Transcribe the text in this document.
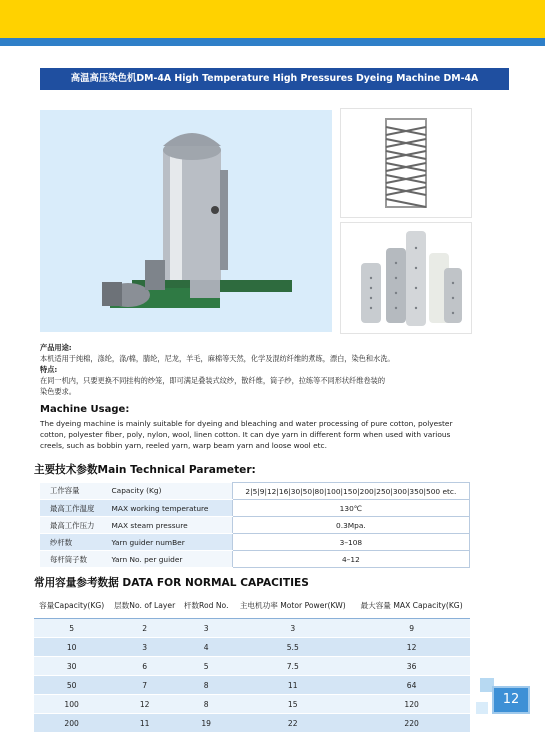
高温高压染色机DM-4A High Temperature High Pressures Dyeing Machine DM-4A
产品用途:
本机适用于纯棉，涤纶，涤/棉，腈纶，尼龙，羊毛，麻棉等天然，化学及混纺纤维的煮练，漂白，染色和水洗。
特点:
在同一机内，只要更换不同挂构的纱笼，即可满足叠装式纹纱，散纤维，筒子纱，拉练等不同形状纤维卷装的
染色要求。
Machine Usage:
The dyeing machine is mainly suitable for dyeing and bleaching and water processing of pure cotton, polyester cotton, polyester fiber, poly, nylon, wool, linen cotton. It can dye yarn in different form when used with various creels, such as bobbin yarn, reeled yarn, warp beam yarn and loose wool etc.
主要技术参数Main Technical Parameter:
工作容量	Capacity (Kg)	2|5|9|12|16|30|50|80|100|150|200|250|300|350|500 etc.
最高工作温度	MAX working temperature	130℃
最高工作压力	MAX steam pressure	0.3Mpa.
纱杆数	Yarn guider numBer	3–108
每杆筒子数	Yarn No. per guider	4–12
常用容量参考数据 DATA FOR NORMAL CAPACITIES
容量Capacity(KG)	层数No. of Layer	杆数Rod No.	主电机功率 Motor Power(KW)	最大容量 MAX Capacity(KG)
5	2	3	3	9
10	3	4	5.5	12
30	6	5	7.5	36
50	7	8	11	64
100	12	8	15	120
200	11	19	22	220
12
